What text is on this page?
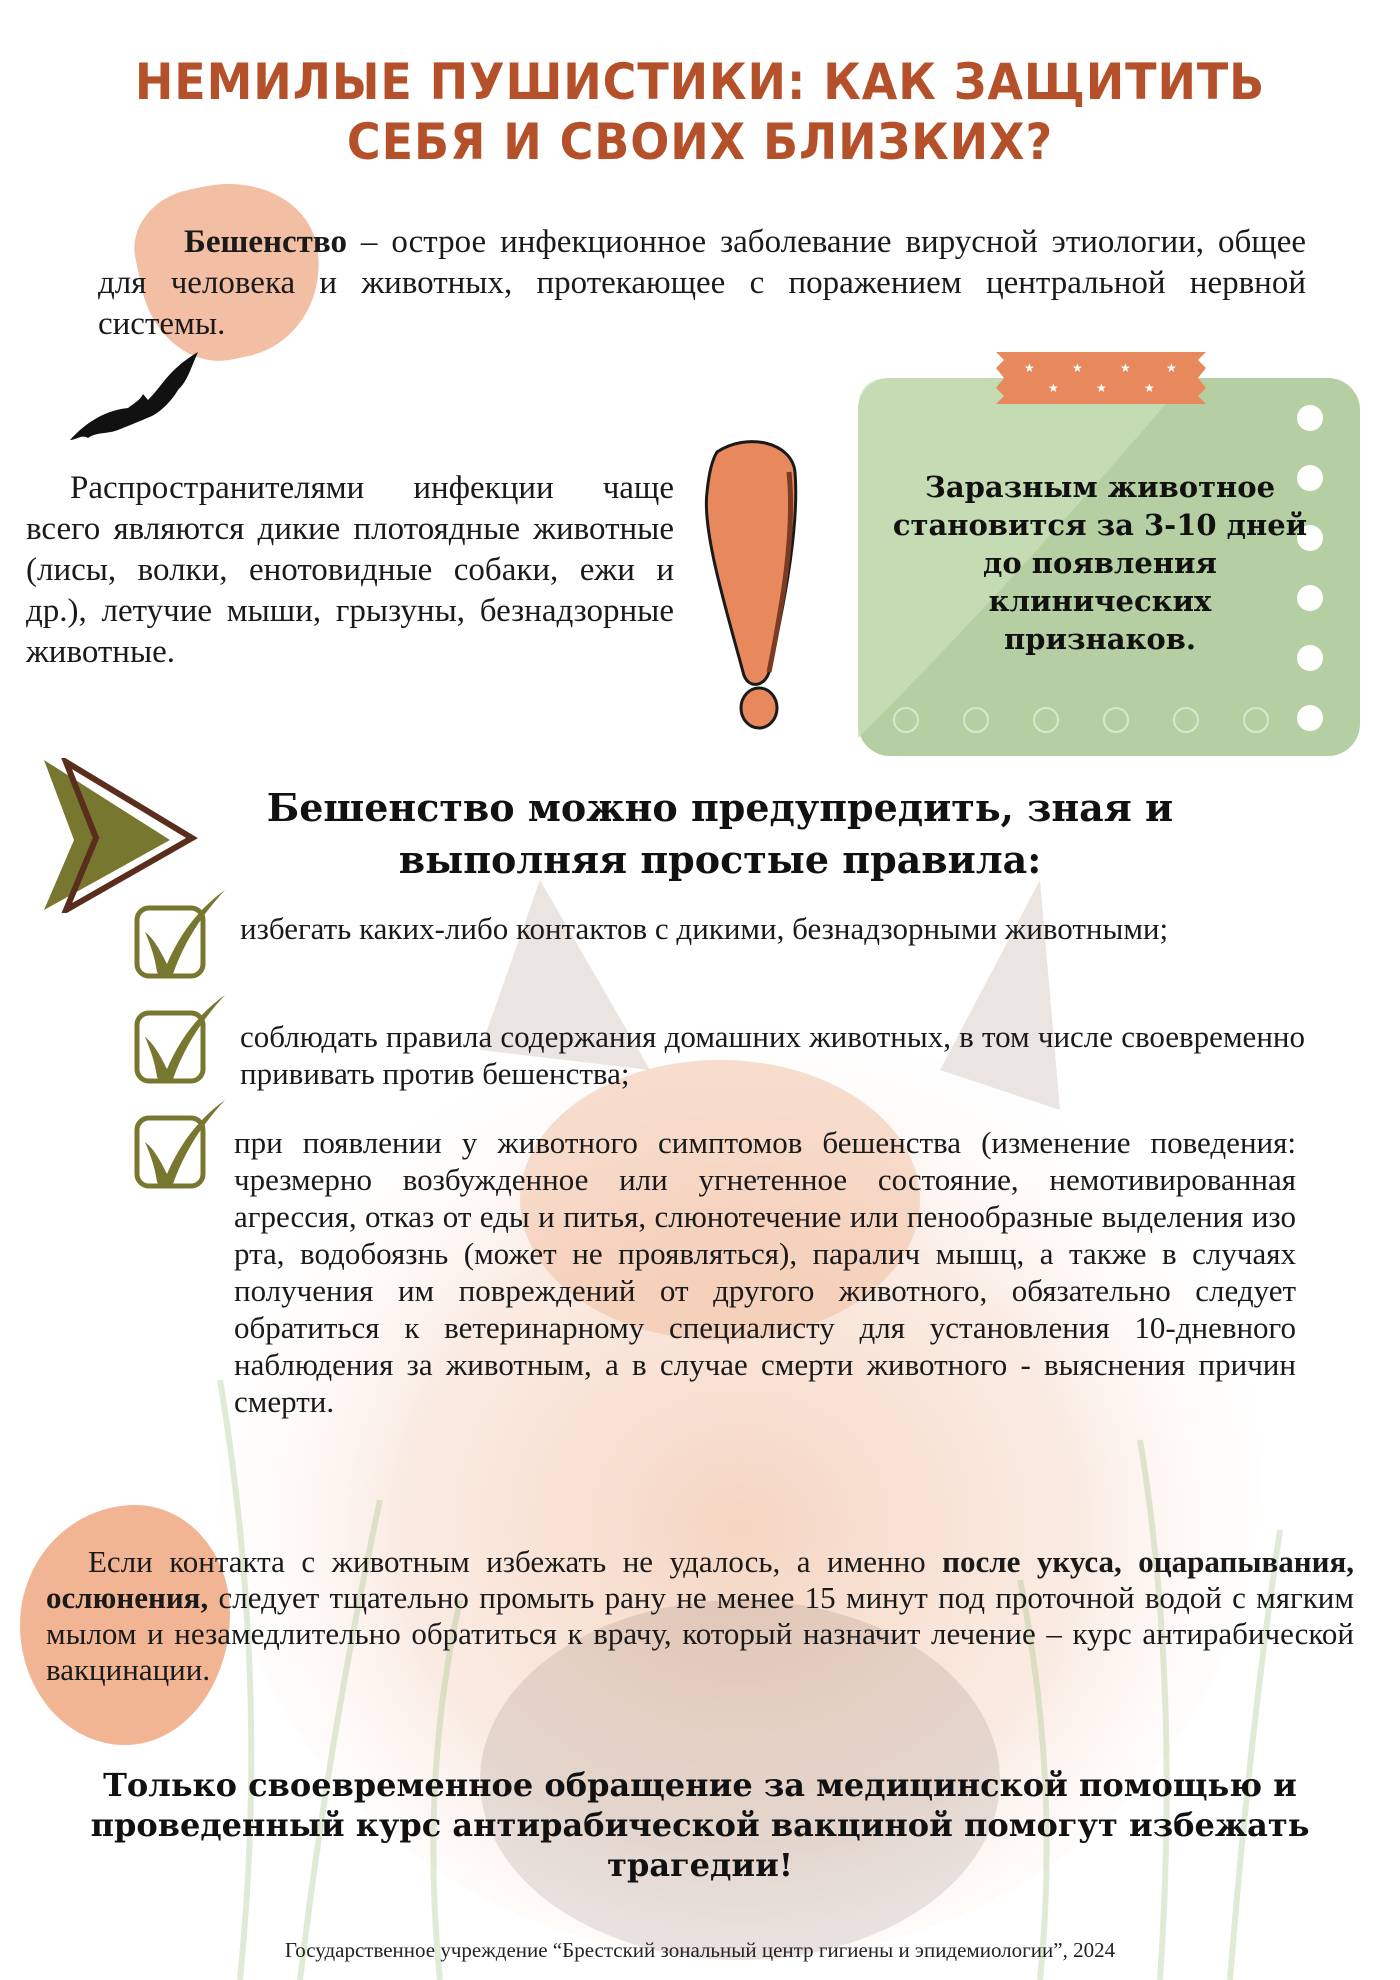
НЕМИЛЫЕ ПУШИСТИКИ: КАК ЗАЩИТИТЬ
СЕБЯ И СВОИХ БЛИЗКИХ?
Бешенство – острое инфекционное заболевание вирусной этиологии, общее для человека и животных, протекающее с поражением центральной нервной системы.
Распространителями инфекции чаще всего являются дикие плотоядные животные (лисы, волки, енотовидные собаки, ежи и др.), летучие мыши, грызуны, безнадзорные животные.
★	★	★	★
★	★	★
Заразным животное становится за 3-10 дней до появления клинических признаков.
Бешенство можно предупредить, зная и выполняя простые правила:
избегать каких-либо контактов с дикими, безнадзорными животными;
соблюдать правила содержания домашних животных, в том числе своевременно прививать против бешенства;
при появлении у животного симптомов бешенства (изменение поведения: чрезмерно возбужденное или угнетенное состояние, немотивированная агрессия, отказ от еды и питья, слюнотечение или пенообразные выделения изо рта, водобоязнь (может не проявляться), паралич мышц, а также в случаях получения им повреждений от другого животного, обязательно следует обратиться к ветеринарному специалисту для установления 10-дневного наблюдения за животным, а в случае смерти животного - выяснения причин смерти.
Если контакта с животным избежать не удалось, а именно после укуса, оцарапывания, ослюнения, следует тщательно промыть рану не менее 15 минут под проточной водой с мягким мылом и незамедлительно обратиться к врачу, который назначит лечение – курс антирабической вакцинации.
Только своевременное обращение за медицинской помощью и проведенный курс антирабической вакциной помогут избежать трагедии!
Государственное учреждение “Брестский зональный центр гигиены и эпидемиологии”, 2024
